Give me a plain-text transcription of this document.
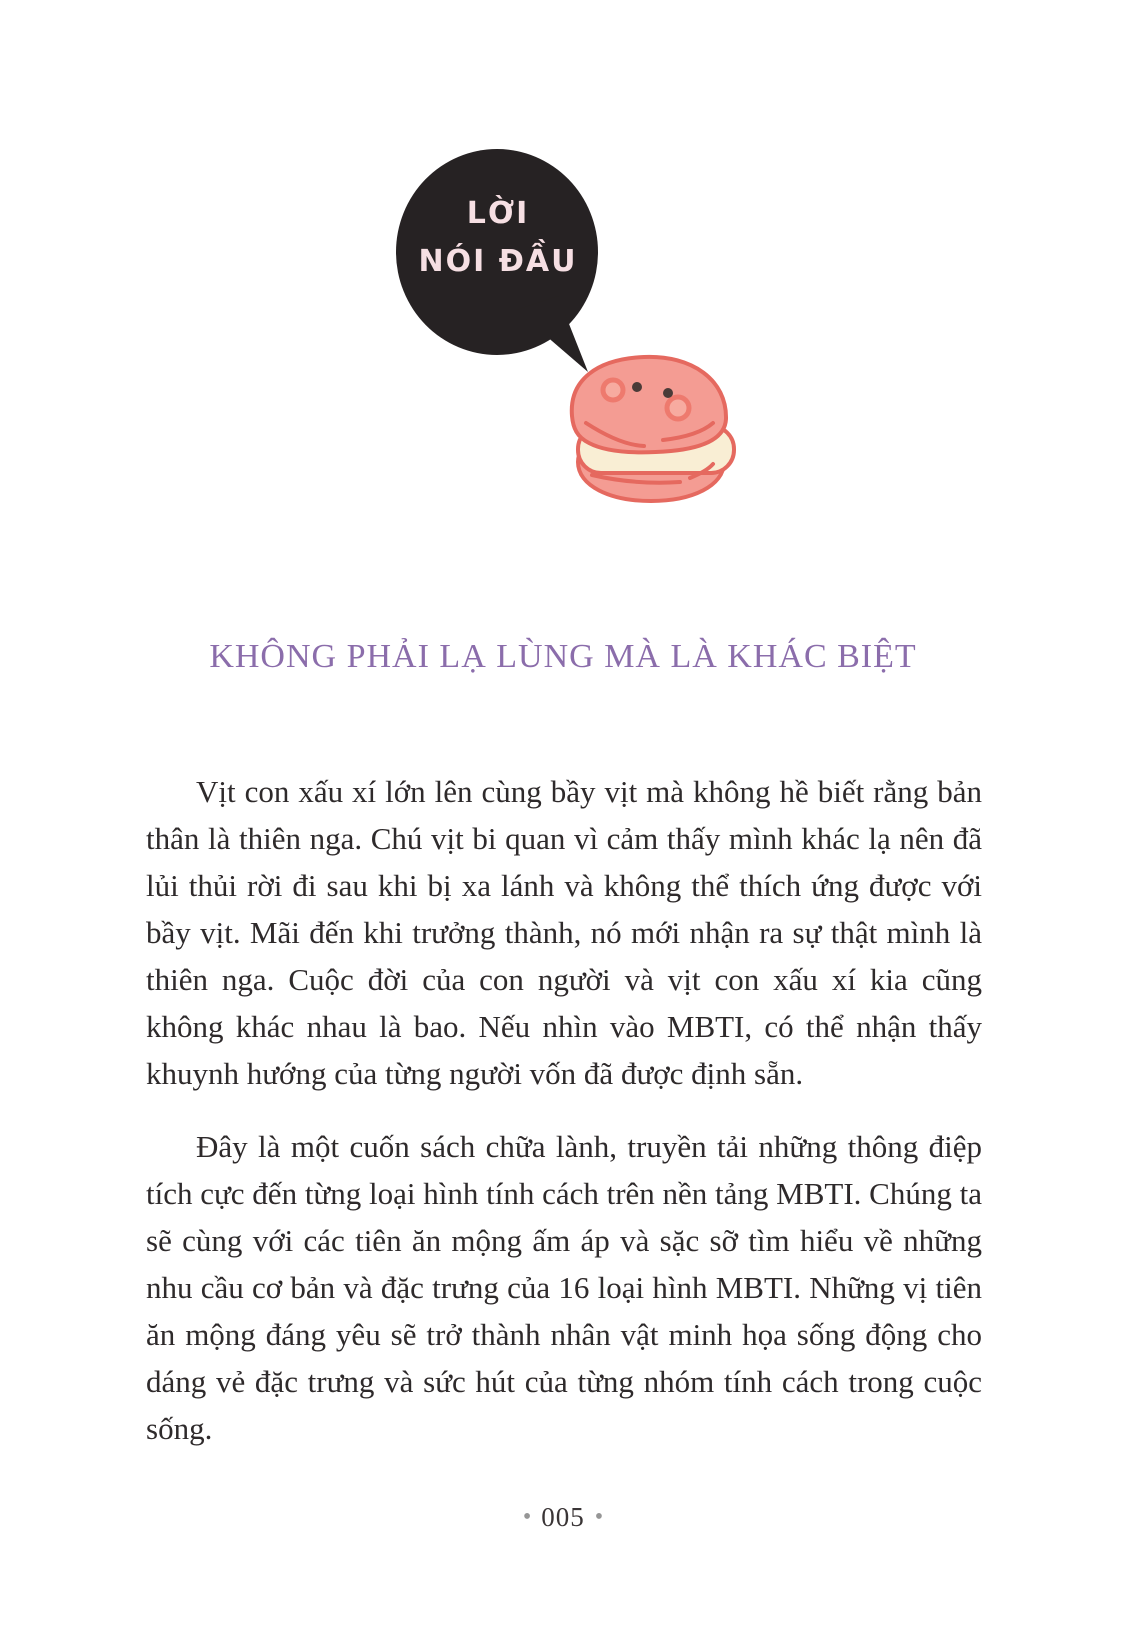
LỜI
NÓI ĐẦU
KHÔNG PHẢI LẠ LÙNG MÀ LÀ KHÁC BIỆT

Vịt con xấu xí lớn lên cùng bầy vịt mà không hề biết rằng bản thân là thiên nga. Chú vịt bi quan vì cảm thấy mình khác lạ nên đã lủi thủi rời đi sau khi bị xa lánh và không thể thích ứng được với bầy vịt. Mãi đến khi trưởng thành, nó mới nhận ra sự thật mình là thiên nga. Cuộc đời của con người và vịt con xấu xí kia cũng không khác nhau là bao. Nếu nhìn vào MBTI, có thể nhận thấy khuynh hướng của từng người vốn đã được định sẵn.

Đây là một cuốn sách chữa lành, truyền tải những thông điệp tích cực đến từng loại hình tính cách trên nền tảng MBTI. Chúng ta sẽ cùng với các tiên ăn mộng ấm áp và sặc sỡ tìm hiểu về những nhu cầu cơ bản và đặc trưng của 16 loại hình MBTI. Những vị tiên ăn mộng đáng yêu sẽ trở thành nhân vật minh họa sống động cho dáng vẻ đặc trưng và sức hút của từng nhóm tính cách trong cuộc sống.

• 005 •
